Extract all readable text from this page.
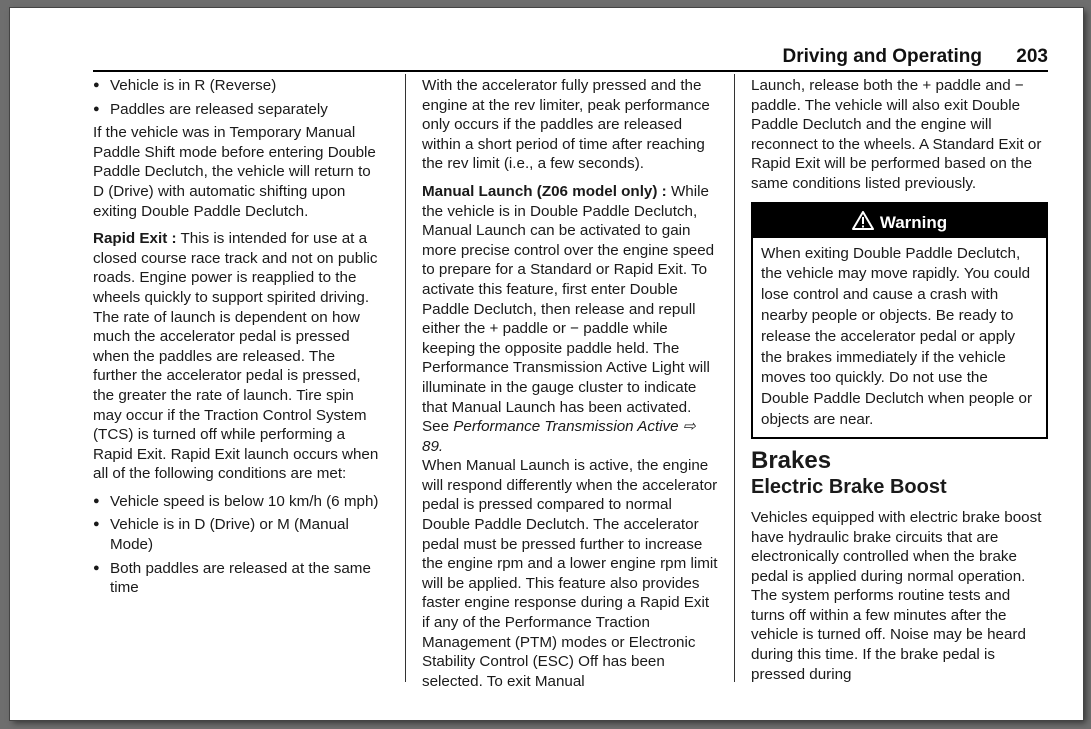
Driving and Operating 203
● Vehicle is in R (Reverse)
● Paddles are released separately

If the vehicle was in Temporary Manual Paddle Shift mode before entering Double Paddle Declutch, the vehicle will return to D (Drive) with automatic shifting upon exiting Double Paddle Declutch.

Rapid Exit : This is intended for use at a closed course race track and not on public roads. Engine power is reapplied to the wheels quickly to support spirited driving. The rate of launch is dependent on how much the accelerator pedal is pressed when the paddles are released. The further the accelerator pedal is pressed, the greater the rate of launch. Tire spin may occur if the Traction Control System (TCS) is turned off while performing a Rapid Exit. Rapid Exit launch occurs when all of the following conditions are met:

● Vehicle speed is below 10 km/h (6 mph)
● Vehicle is in D (Drive) or M (Manual Mode)
● Both paddles are released at the same time

With the accelerator fully pressed and the engine at the rev limiter, peak performance only occurs if the paddles are released within a short period of time after reaching the rev limit (i.e., a few seconds).

Manual Launch (Z06 model only) : While the vehicle is in Double Paddle Declutch, Manual Launch can be activated to gain more precise control over the engine speed to prepare for a Standard or Rapid Exit. To activate this feature, first enter Double Paddle Declutch, then release and repull either the + paddle or − paddle while keeping the opposite paddle held. The Performance Transmission Active Light will illuminate in the gauge cluster to indicate that Manual Launch has been activated. See Performance Transmission Active ⇨ 89.

When Manual Launch is active, the engine will respond differently when the accelerator pedal is pressed compared to normal Double Paddle Declutch. The accelerator pedal must be pressed further to increase the engine rpm and a lower engine rpm limit will be applied. This feature also provides faster engine response during a Rapid Exit if any of the Performance Traction Management (PTM) modes or Electronic Stability Control (ESC) Off has been selected. To exit Manual

Launch, release both the + paddle and − paddle. The vehicle will also exit Double Paddle Declutch and the engine will reconnect to the wheels. A Standard Exit or Rapid Exit will be performed based on the same conditions listed previously.

Warning
When exiting Double Paddle Declutch, the vehicle may move rapidly. You could lose control and cause a crash with nearby people or objects. Be ready to release the accelerator pedal or apply the brakes immediately if the vehicle moves too quickly. Do not use the Double Paddle Declutch when people or objects are near.
Brakes
Electric Brake Boost

Vehicles equipped with electric brake boost have hydraulic brake circuits that are electronically controlled when the brake pedal is applied during normal operation. The system performs routine tests and turns off within a few minutes after the vehicle is turned off. Noise may be heard during this time. If the brake pedal is pressed during
